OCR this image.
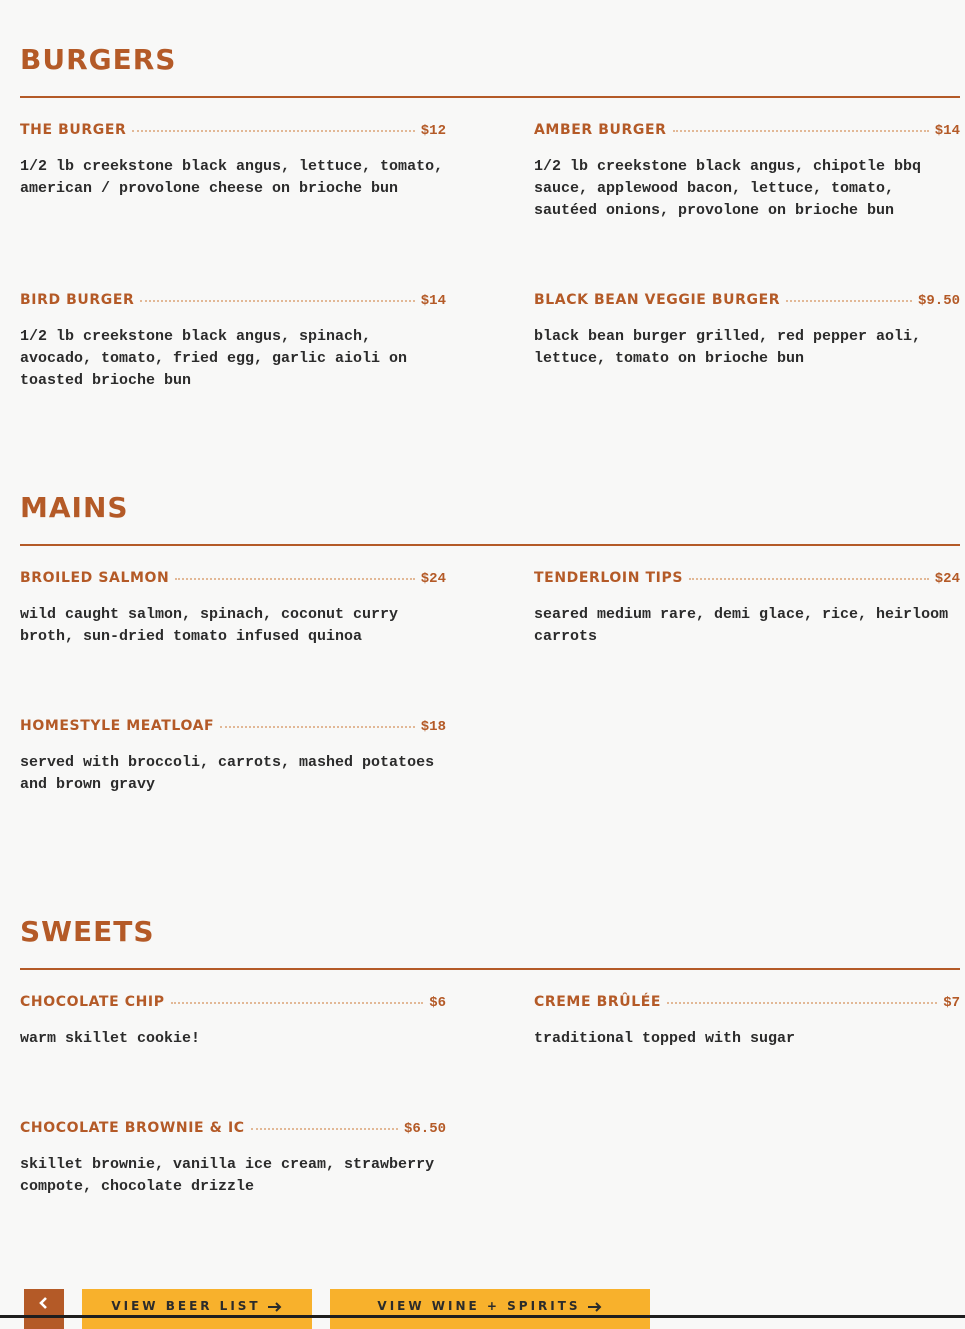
BURGERS
THE BURGER	$12
1/2 lb creekstone black angus, lettuce, tomato, american / provolone cheese on brioche bun
AMBER BURGER	$14
1/2 lb creekstone black angus, chipotle bbq sauce, applewood bacon, lettuce, tomato, sautéed onions, provolone on brioche bun
BIRD BURGER	$14
1/2 lb creekstone black angus, spinach, avocado, tomato, fried egg, garlic aioli on toasted brioche bun
BLACK BEAN VEGGIE BURGER	$9.50
black bean burger grilled, red pepper aoli, lettuce, tomato on brioche bun
MAINS
BROILED SALMON	$24
wild caught salmon, spinach, coconut curry broth, sun-dried tomato infused quinoa
TENDERLOIN TIPS	$24
seared medium rare, demi glace, rice, heirloom carrots
HOMESTYLE MEATLOAF	$18
served with broccoli, carrots, mashed potatoes and brown gravy
SWEETS
CHOCOLATE CHIP	$6
warm skillet cookie!
CREME BRÛLÉE	$7
traditional topped with sugar
CHOCOLATE BROWNIE & IC	$6.50
skillet brownie, vanilla ice cream, strawberry compote, chocolate drizzle
VIEW BEER LIST	VIEW WINE + SPIRITS
